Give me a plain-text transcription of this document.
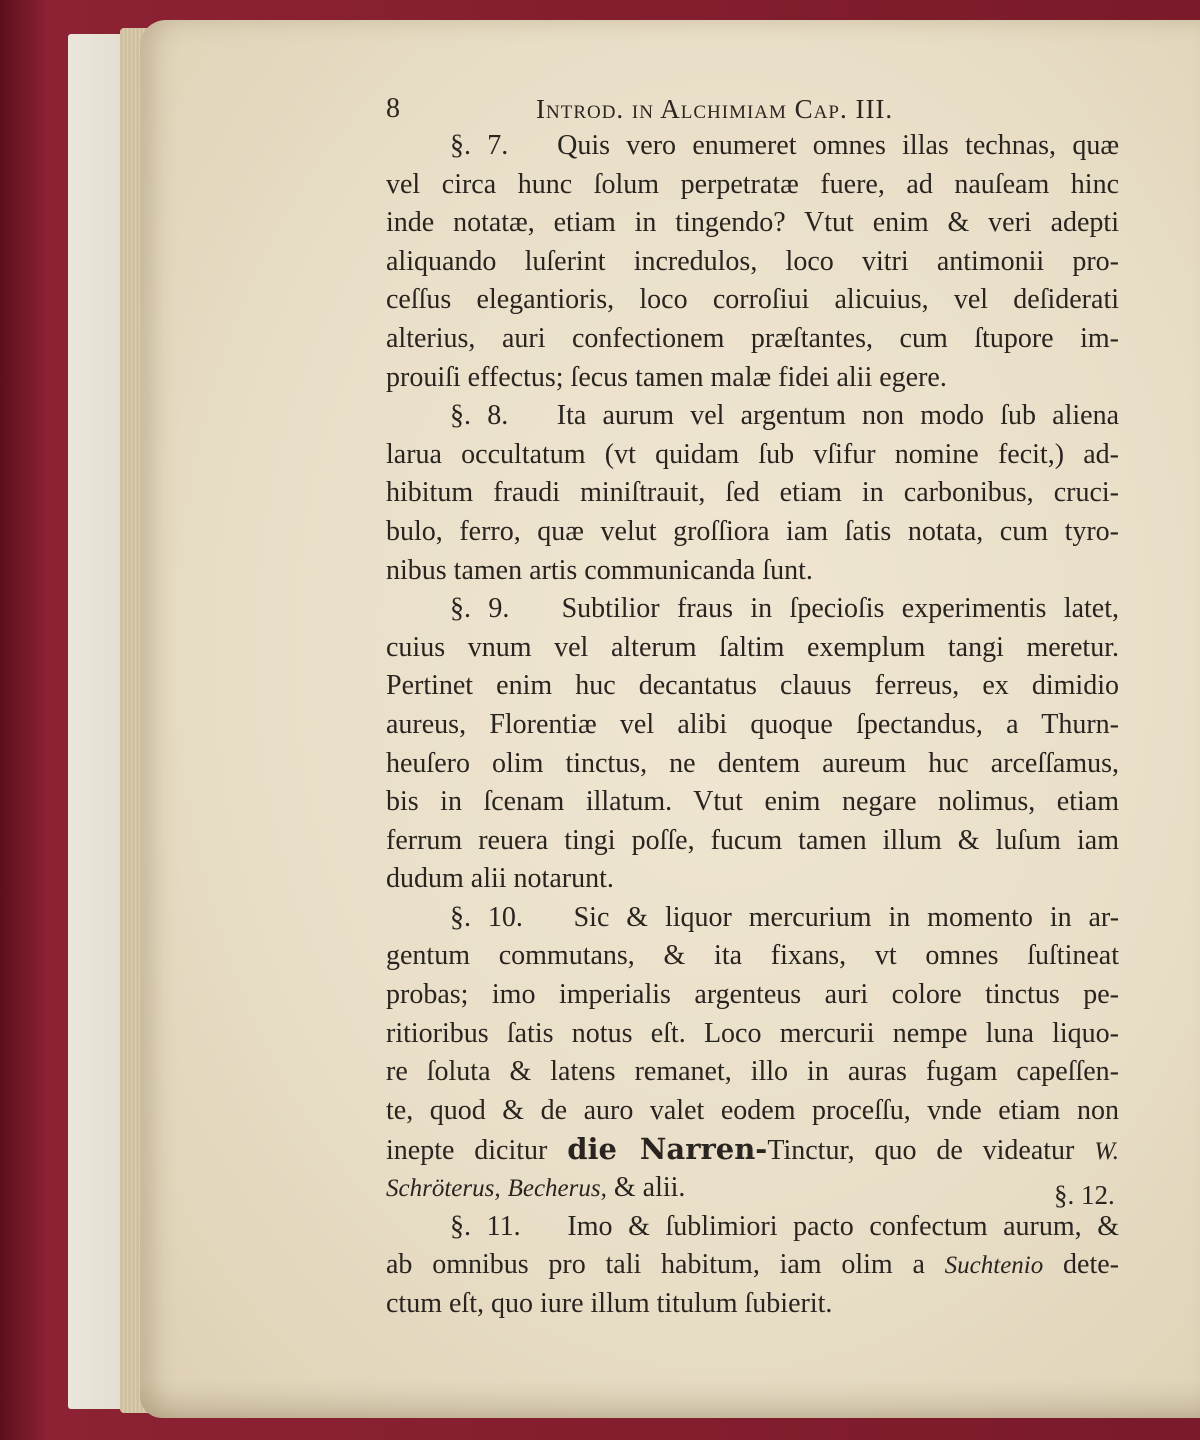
8	Introd. in Alchimiam Cap. III.
§. 7. Quis vero enumeret omnes illas technas, quæ
vel circa hunc ſolum perpetratæ fuere, ad nauſeam hinc
inde notatæ, etiam in tingendo? Vtut enim & veri adepti
aliquando luſerint incredulos, loco vitri antimonii pro-
ceſſus elegantioris, loco corroſiui alicuius, vel deſiderati
alterius, auri confectionem præſtantes, cum ſtupore im-
prouiſi effectus; ſecus tamen malæ fidei alii egere.
§. 8. Ita aurum vel argentum non modo ſub aliena
larua occultatum (vt quidam ſub vſifur nomine fecit,) ad-
hibitum fraudi miniſtrauit, ſed etiam in carbonibus, cruci-
bulo, ferro, quæ velut groſſiora iam ſatis notata, cum tyro-
nibus tamen artis communicanda ſunt.
§. 9. Subtilior fraus in ſpecioſis experimentis latet,
cuius vnum vel alterum ſaltim exemplum tangi meretur.
Pertinet enim huc decantatus clauus ferreus, ex dimidio
aureus, Florentiæ vel alibi quoque ſpectandus, a Thurn-
heuſero olim tinctus, ne dentem aureum huc arceſſamus,
bis in ſcenam illatum. Vtut enim negare nolimus, etiam
ferrum reuera tingi poſſe, fucum tamen illum & luſum iam
dudum alii notarunt.
§. 10. Sic & liquor mercurium in momento in ar-
gentum commutans, & ita fixans, vt omnes ſuſtineat
probas; imo imperialis argenteus auri colore tinctus pe-
ritioribus ſatis notus eſt. Loco mercurii nempe luna liquo-
re ſoluta & latens remanet, illo in auras fugam capeſſen-
te, quod & de auro valet eodem proceſſu, vnde etiam non
inepte dicitur die Narren-Tinctur, quo de videatur W.
Schröterus, Becherus, & alii.
§. 11. Imo & ſublimiori pacto confectum aurum, &
ab omnibus pro tali habitum, iam olim a Suchtenio dete-
ctum eſt, quo iure illum titulum ſubierit.
§. 12.
